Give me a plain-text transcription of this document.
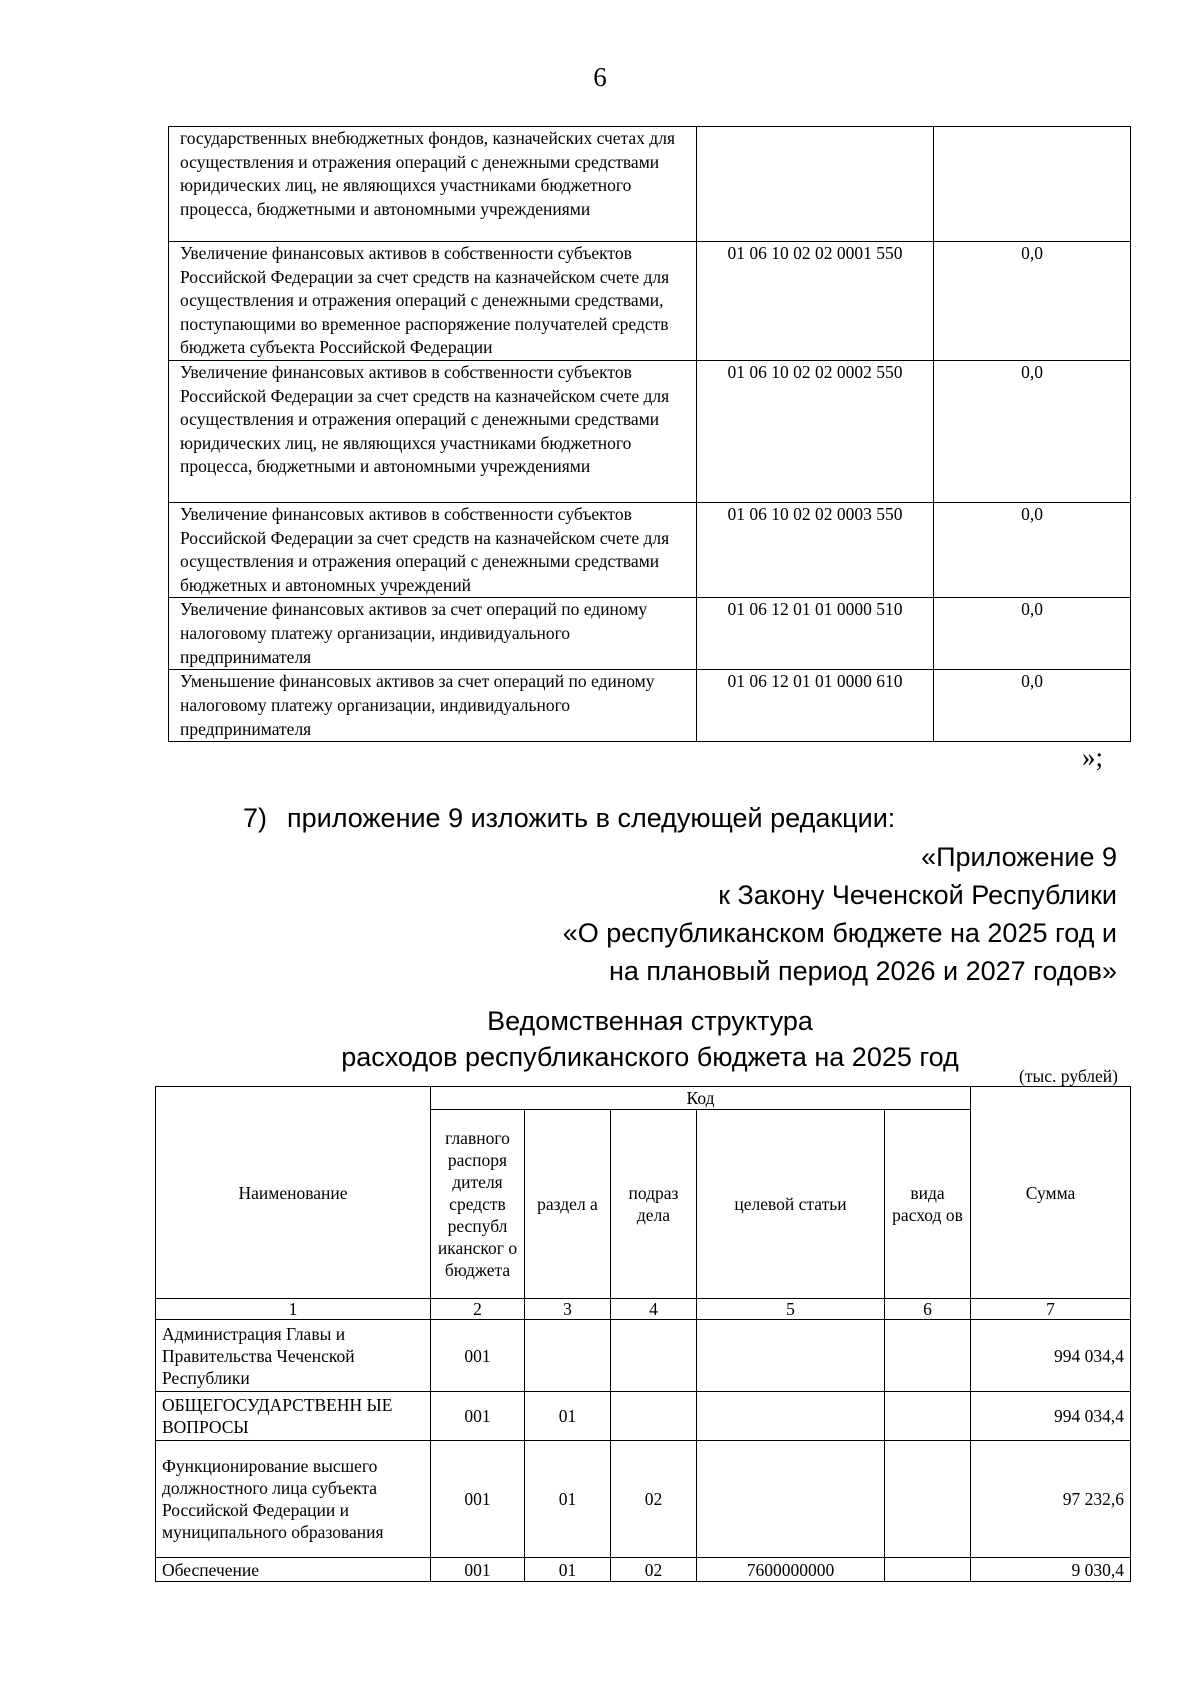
6
государственных внебюджетных фондов, казначейских счетах для осуществления и отражения операций с денежными средствами юридических лиц, не являющихся участниками бюджетного процесса, бюджетными и автономными учреждениями		
Увеличение финансовых активов в собственности субъектов Российской Федерации за счет средств на казначейском счете для осуществления и отражения операций с денежными средствами, поступающими во временное распоряжение получателей средств бюджета субъекта Российской Федерации	01 06 10 02 02 0001 550	0,0
Увеличение финансовых активов в собственности субъектов Российской Федерации за счет средств на казначейском счете для осуществления и отражения операций с денежными средствами юридических лиц, не являющихся участниками бюджетного процесса, бюджетными и автономными учреждениями	01 06 10 02 02 0002 550	0,0
Увеличение финансовых активов в собственности субъектов Российской Федерации за счет средств на казначейском счете для осуществления и отражения операций с денежными средствами бюджетных и автономных учреждений	01 06 10 02 02 0003 550	0,0
Увеличение финансовых активов за счет операций по единому налоговому платежу организации, индивидуального предпринимателя	01 06 12 01 01 0000 510	0,0
Уменьшение финансовых активов за счет операций по единому налоговому платежу организации, индивидуального предпринимателя	01 06 12 01 01 0000 610	0,0
»;
7) приложение 9 изложить в следующей редакции:
«Приложение 9
к Закону Чеченской Республики
«О республиканском бюджете на 2025 год и
на плановый период 2026 и 2027 годов»
Ведомственная структура
расходов республиканского бюджета на 2025 год
(тыс. рублей)
Наименование	Код					Сумма
	главного распоря дителя средств республ иканског о бюджета	раздел а	подраз дела	целевой статьи	вида расход ов	
1	2	3	4	5	6	7
Администрация Главы и Правительства Чеченской Республики	001					994 034,4
ОБЩЕГОСУДАРСТВЕНН ЫЕ ВОПРОСЫ	001	01				994 034,4
Функционирование высшего должностного лица субъекта Российской Федерации и муниципального образования	001	01	02			97 232,6
Обеспечение	001	01	02	7600000000		9 030,4
